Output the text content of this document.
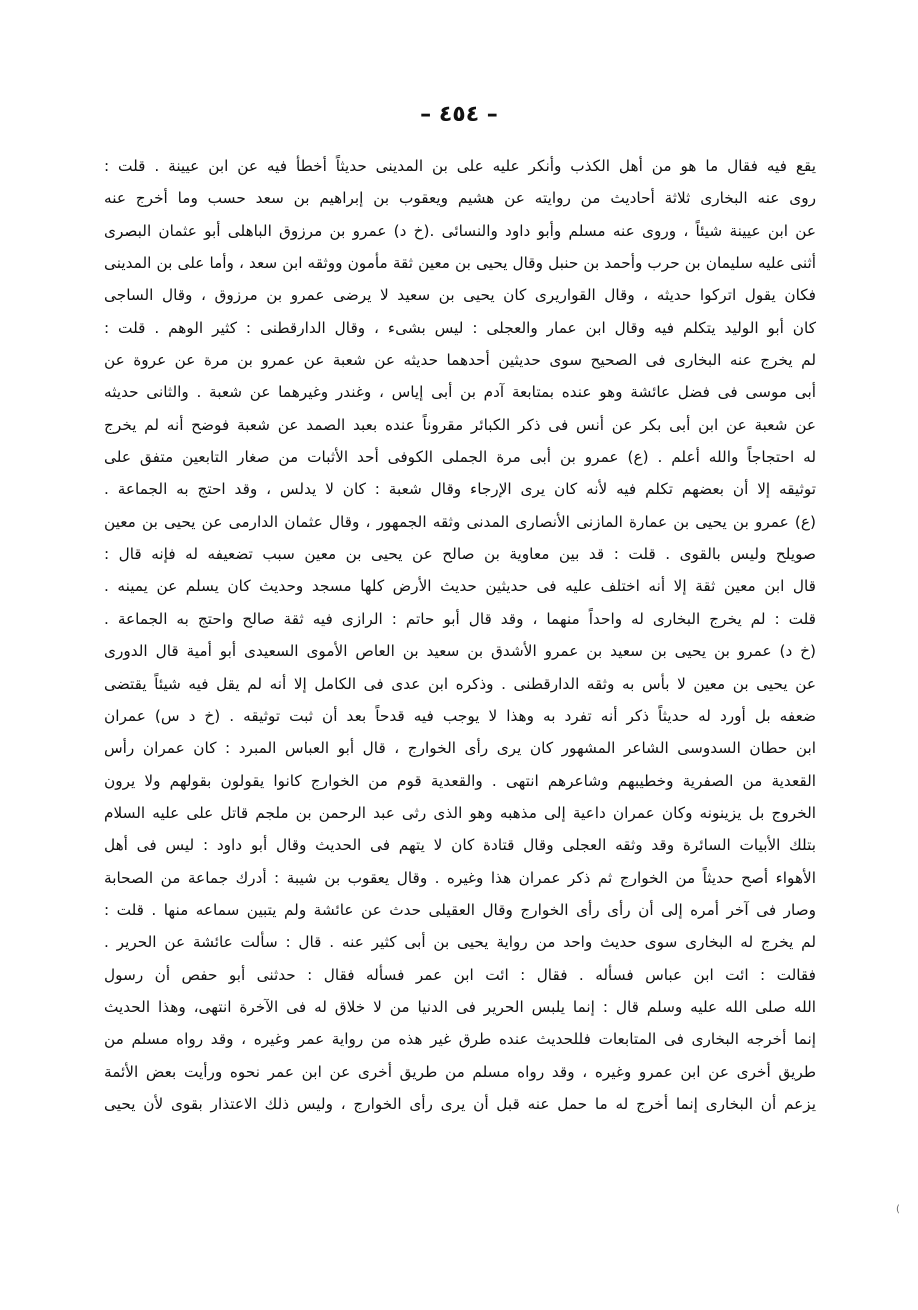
– ٤٥٤ –
يقع فيه فقال ما هو من أهل الكذب وأنكر عليه على بن المدينى حديثاً أخطأ فيه عن ابن عيينة . قلت :
روى عنه البخارى ثلاثة أحاديث من روايته عن هشيم ويعقوب بن إبراهيم بن سعد حسب وما أخرج عنه
عن ابن عيينة شيئاً ، وروى عنه مسلم وأبو داود والنسائى .(خ د) عمرو بن مرزوق الباهلى أبو عثمان البصرى
أثنى عليه سليمان بن حرب وأحمد بن حنبل وقال يحيى بن معين ثقة مأمون ووثقه ابن سعد ، وأما على بن المدينى
فكان يقول اتركوا حديثه ، وقال القواريرى كان يحيى بن سعيد لا يرضى عمرو بن مرزوق ، وقال الساجى
كان أبو الوليد يتكلم فيه وقال ابن عمار والعجلى : ليس بشىء ، وقال الدارقطنى : كثير الوهم . قلت :
لم يخرج عنه البخارى فى الصحيح سوى حديثين أحدهما حديثه عن شعبة عن عمرو بن مرة عن عروة عن
أبى موسى فى فضل عائشة وهو عنده بمتابعة آدم بن أبى إياس ، وغندر وغيرهما عن شعبة . والثانى حديثه
عن شعبة عن ابن أبى بكر عن أنس فى ذكر الكبائر مقروناً عنده بعبد الصمد عن شعبة فوضح أنه لم يخرج
له احتجاجاً والله أعلم . (ع) عمرو بن أبى مرة الجملى الكوفى أحد الأثبات من صغار التابعين متفق على
توثيقه إلا أن بعضهم تكلم فيه لأنه كان يرى الإرجاء وقال شعبة : كان لا يدلس ، وقد احتج به الجماعة .
(ع) عمرو بن يحيى بن عمارة المازنى الأنصارى المدنى وثقه الجمهور ، وقال عثمان الدارمى عن يحيى بن معين
صويلح وليس بالقوى . قلت : قد بين معاوية بن صالح عن يحيى بن معين سبب تضعيفه له فإنه قال :
قال ابن معين ثقة إلا أنه اختلف عليه فى حديثين حديث الأرض كلها مسجد وحديث كان يسلم عن يمينه .
قلت : لم يخرج البخارى له واحداً منهما ، وقد قال أبو حاتم : الرازى فيه ثقة صالح واحتج به الجماعة .
(خ د) عمرو بن يحيى بن سعيد بن عمرو الأشدق بن سعيد بن العاص الأموى السعيدى أبو أمية قال الدورى
عن يحيى بن معين لا بأس به وثقه الدارقطنى . وذكره ابن عدى فى الكامل إلا أنه لم يقل فيه شيئاً يقتضى
ضعفه بل أورد له حديثاً ذكر أنه تفرد به وهذا لا يوجب فيه قدحاً بعد أن ثبت توثيقه . (خ د س) عمران
ابن حطان السدوسى الشاعر المشهور كان يرى رأى الخوارج ، قال أبو العباس المبرد : كان عمران رأس
القعدية من الصفرية وخطيبهم وشاعرهم انتهى . والقعدية قوم من الخوارج كانوا يقولون بقولهم ولا يرون
الخروج بل يزينونه وكان عمران داعية إلى مذهبه وهو الذى رثى عبد الرحمن بن ملجم قاتل على عليه السلام
بتلك الأبيات السائرة وقد وثقه العجلى وقال قتادة كان لا يتهم فى الحديث وقال أبو داود : ليس فى أهل
الأهواء أصح حديثاً من الخوارج ثم ذكر عمران هذا وغيره . وقال يعقوب بن شيبة : أدرك جماعة من الصحابة
وصار فى آخر أمره إلى أن رأى رأى الخوارج وقال العقيلى حدث عن عائشة ولم يتبين سماعه منها . قلت :
لم يخرج له البخارى سوى حديث واحد من رواية يحيى بن أبى كثير عنه . قال : سألت عائشة عن الحرير .
فقالت : ائت ابن عباس فسأله . فقال : ائت ابن عمر فسأله فقال : حدثنى أبو حفص أن رسول
الله صلى الله عليه وسلم قال : إنما يلبس الحرير فى الدنيا من لا خلاق له فى الآخرة انتهى، وهذا الحديث
إنما أخرجه البخارى فى المتابعات فللحديث عنده طرق غير هذه من رواية عمر وغيره ، وقد رواه مسلم من
طريق أخرى عن ابن عمرو وغيره ، وقد رواه مسلم من طريق أخرى عن ابن عمر نحوه ورأيت بعض الأئمة
يزعم أن البخارى إنما أخرج له ما حمل عنه قبل أن يرى رأى الخوارج ، وليس ذلك الاعتذار بقوى لأن يحيى
(
